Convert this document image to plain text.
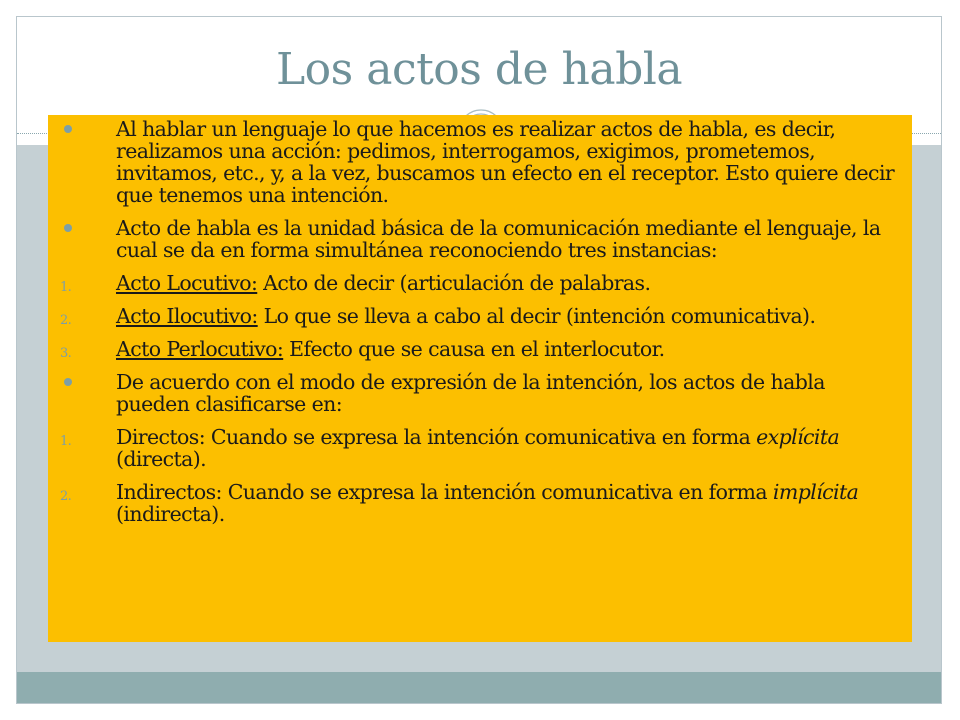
Los actos de habla
Al hablar un lenguaje lo que hacemos es realizar actos de habla, es decir, realizamos una acción: pedimos, interrogamos, exigimos, prometemos, invitamos, etc., y, a la vez, buscamos un efecto en el receptor. Esto quiere decir que tenemos una intención.
Acto de habla es la unidad básica de la comunicación mediante el lenguaje, la cual se da en forma simultánea reconociendo tres instancias:
1. Acto Locutivo: Acto de decir (articulación de palabras.
2. Acto Ilocutivo: Lo que se lleva a cabo al decir (intención comunicativa).
3. Acto Perlocutivo: Efecto que se causa en el interlocutor.
De acuerdo con el modo de expresión de la intención, los actos de habla pueden clasificarse en:
1. Directos: Cuando se expresa la intención comunicativa en forma explícita (directa).
2. Indirectos: Cuando se expresa la intención comunicativa en forma implícita (indirecta).
